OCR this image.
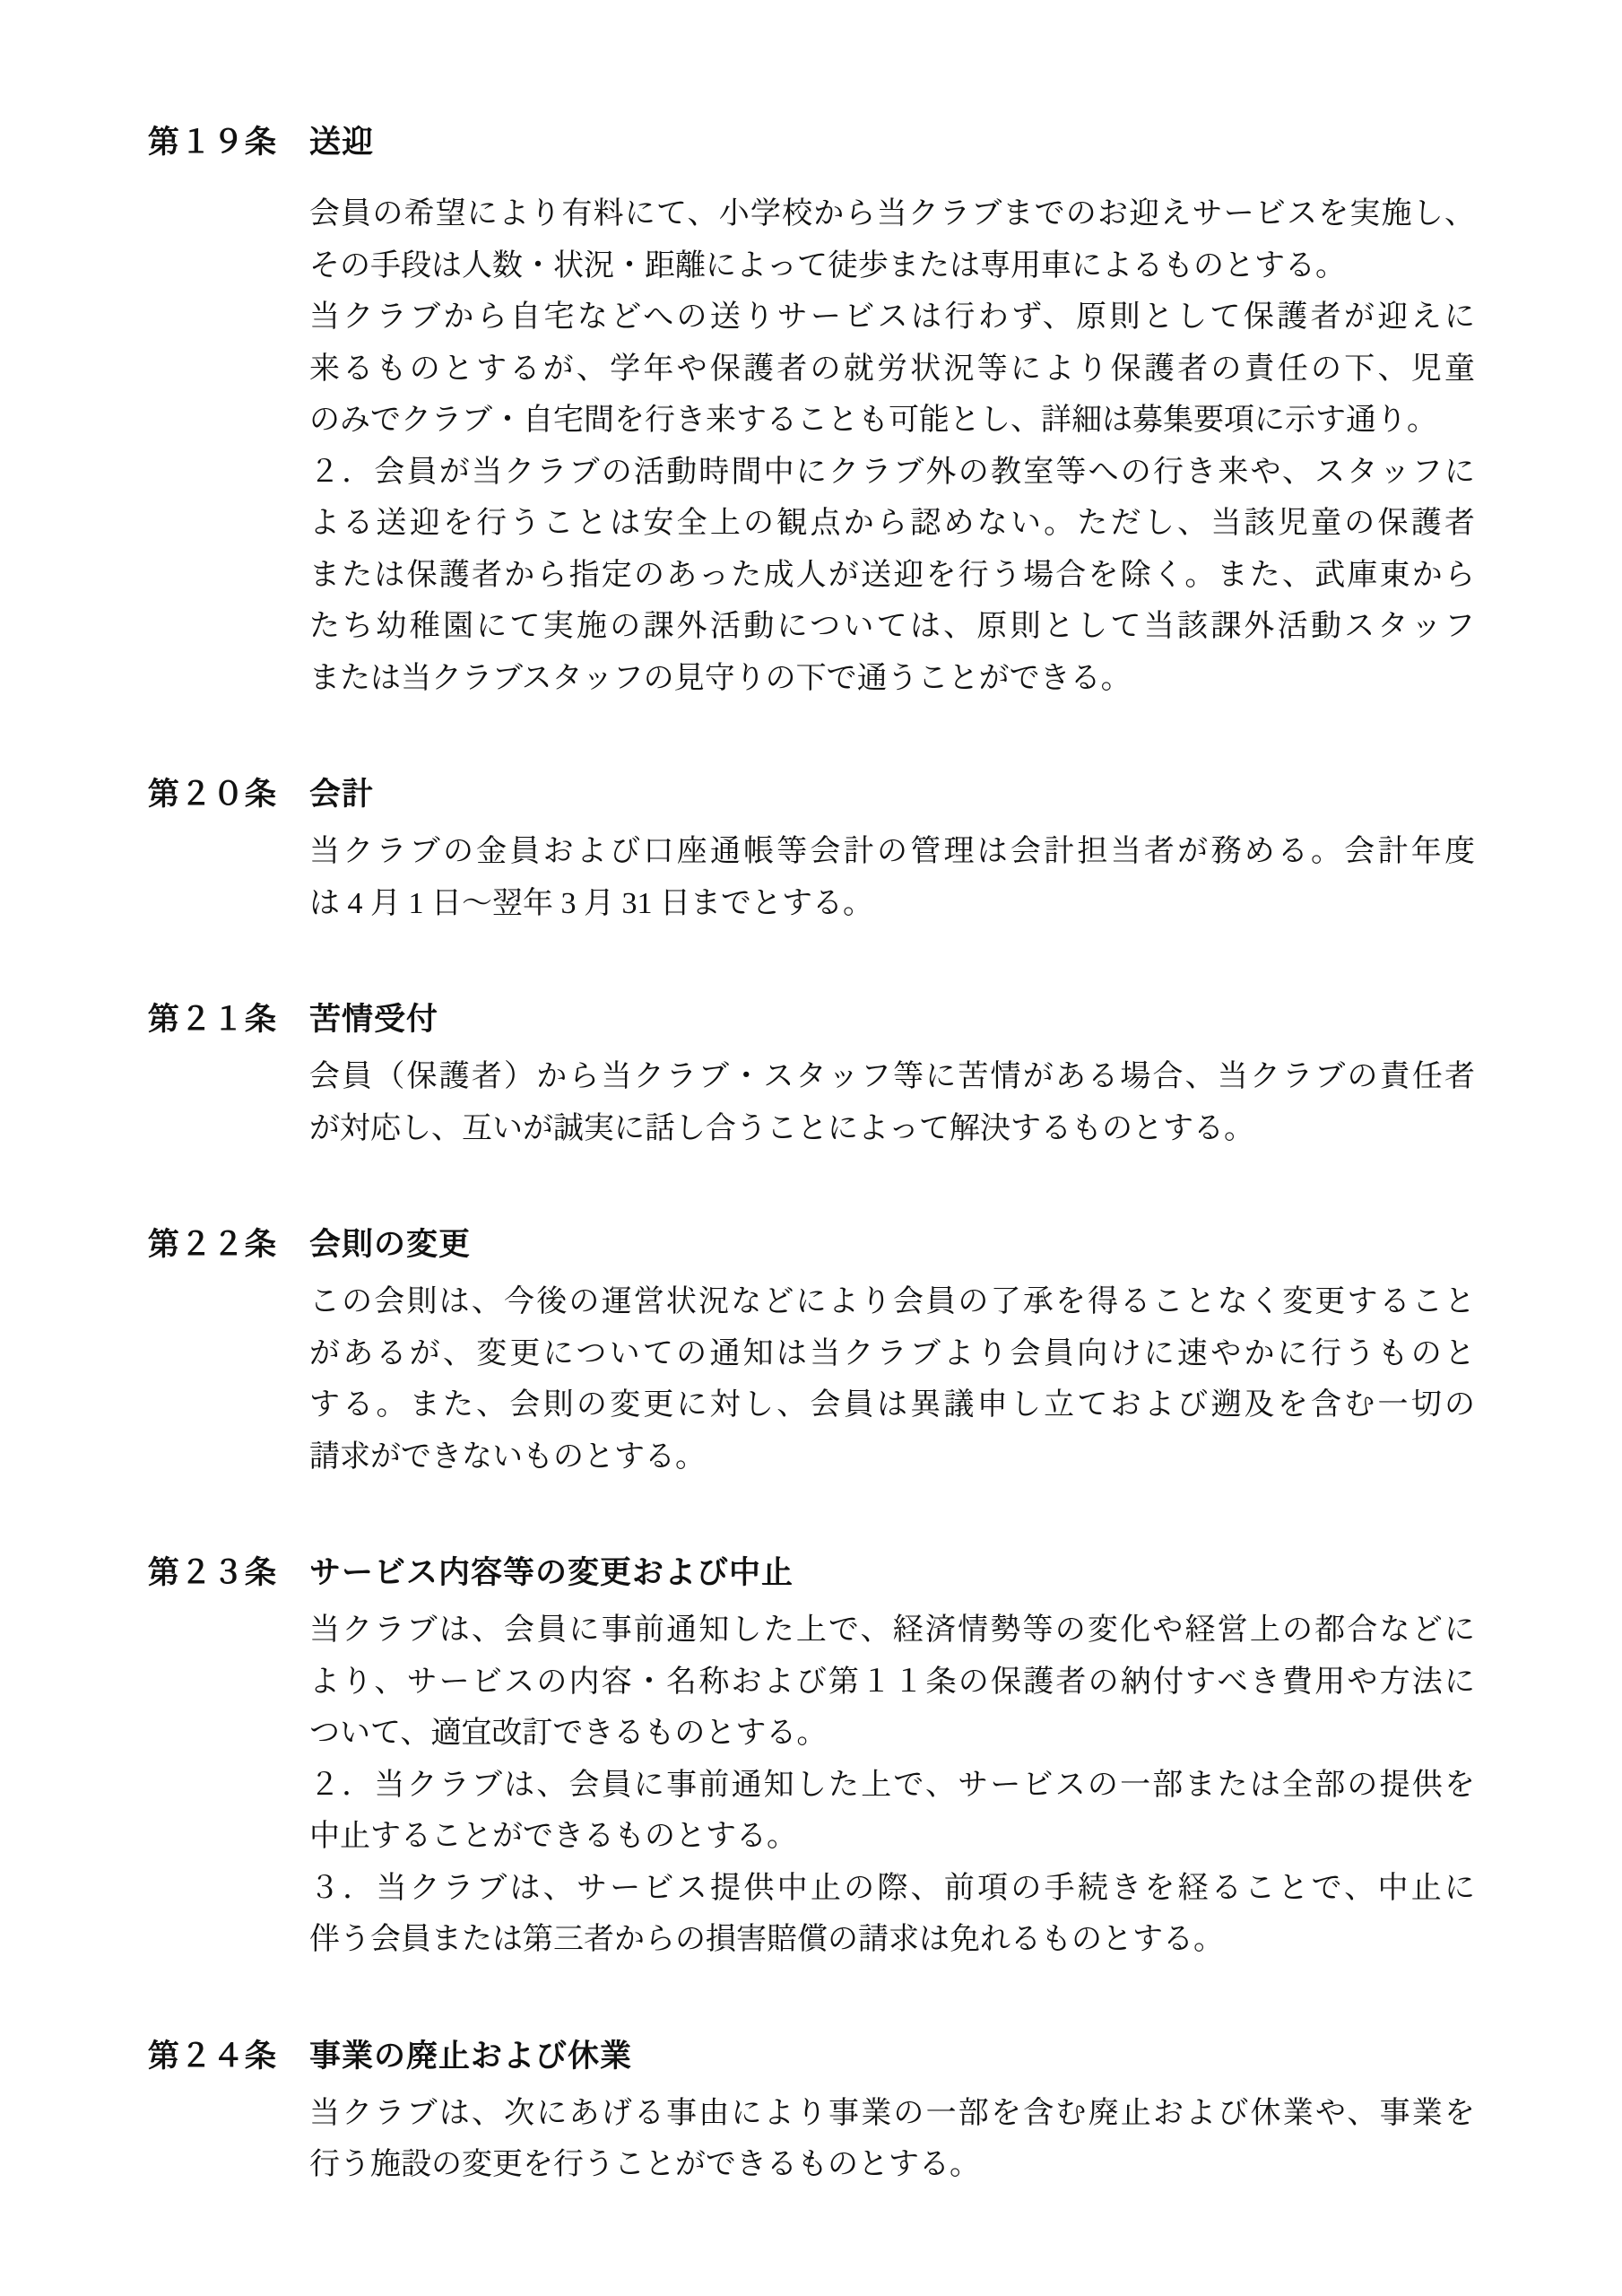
第１９条	送迎
会員の希望により有料にて、小学校から当クラブまでのお迎えサービスを実施し、
その手段は人数・状況・距離によって徒歩または専用車によるものとする。
当クラブから自宅などへの送りサービスは行わず、原則として保護者が迎えに
来るものとするが、学年や保護者の就労状況等により保護者の責任の下、児童
のみでクラブ・自宅間を行き来することも可能とし、詳細は募集要項に示す通り。
２．会員が当クラブの活動時間中にクラブ外の教室等への行き来や、スタッフに
よる送迎を行うことは安全上の観点から認めない。ただし、当該児童の保護者
または保護者から指定のあった成人が送迎を行う場合を除く。また、武庫東から
たち幼稚園にて実施の課外活動については、原則として当該課外活動スタッフ
または当クラブスタッフの見守りの下で通うことができる。
第２０条	会計
当クラブの金員および口座通帳等会計の管理は会計担当者が務める。会計年度
は 4 月 1 日～翌年 3 月 31 日までとする。
第２１条	苦情受付
会員（保護者）から当クラブ・スタッフ等に苦情がある場合、当クラブの責任者
が対応し、互いが誠実に話し合うことによって解決するものとする。
第２２条	会則の変更
この会則は、今後の運営状況などにより会員の了承を得ることなく変更すること
があるが、変更についての通知は当クラブより会員向けに速やかに行うものと
する。また、会則の変更に対し、会員は異議申し立ておよび遡及を含む一切の
請求ができないものとする。
第２３条	サービス内容等の変更および中止
当クラブは、会員に事前通知した上で、経済情勢等の変化や経営上の都合などに
より、サービスの内容・名称および第１１条の保護者の納付すべき費用や方法に
ついて、適宜改訂できるものとする。
２．当クラブは、会員に事前通知した上で、サービスの一部または全部の提供を
中止することができるものとする。
３．当クラブは、サービス提供中止の際、前項の手続きを経ることで、中止に
伴う会員または第三者からの損害賠償の請求は免れるものとする。
第２４条	事業の廃止および休業
当クラブは、次にあげる事由により事業の一部を含む廃止および休業や、事業を
行う施設の変更を行うことができるものとする。
